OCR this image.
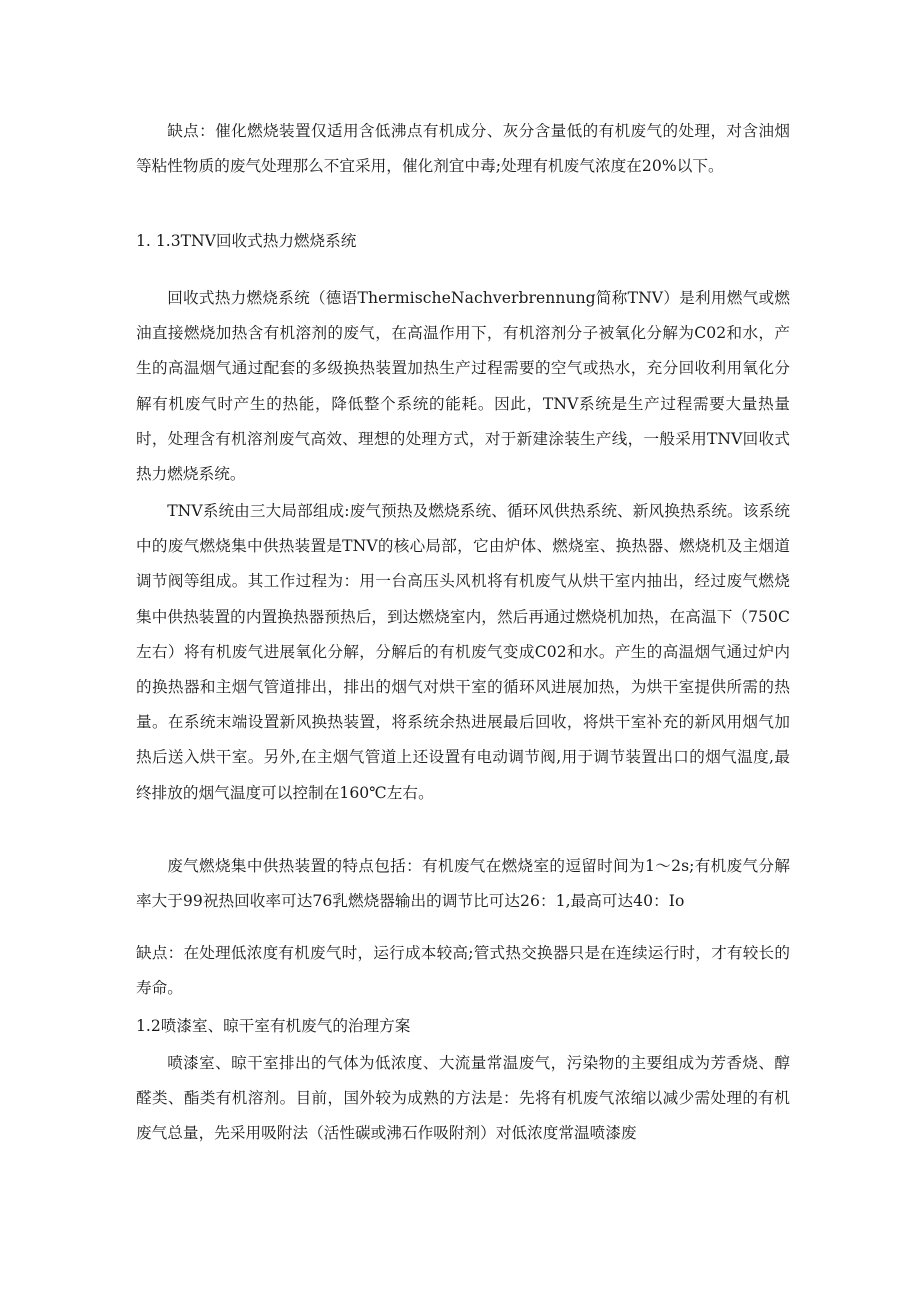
缺点：催化燃烧装置仅适用含低沸点有机成分、灰分含量低的有机废气的处理，对含油烟等粘性物质的废气处理那么不宜采用，催化剂宜中毒;处理有机废气浓度在20%以下。

1. 1.3TNV回收式热力燃烧系统

回收式热力燃烧系统（德语ThermischeNachverbrennung简称TNV）是利用燃气或燃油直接燃烧加热含有机溶剂的废气，在高温作用下，有机溶剂分子被氧化分解为C02和水，产生的高温烟气通过配套的多级换热装置加热生产过程需要的空气或热水，充分回收利用氧化分解有机废气时产生的热能，降低整个系统的能耗。因此，TNV系统是生产过程需要大量热量时，处理含有机溶剂废气高效、理想的处理方式，对于新建涂装生产线，一般采用TNV回收式热力燃烧系统。

TNV系统由三大局部组成:废气预热及燃烧系统、循环风供热系统、新风换热系统。该系统中的废气燃烧集中供热装置是TNV的核心局部，它由炉体、燃烧室、换热器、燃烧机及主烟道调节阀等组成。其工作过程为：用一台高压头风机将有机废气从烘干室内抽出，经过废气燃烧集中供热装置的内置换热器预热后，到达燃烧室内，然后再通过燃烧机加热，在高温下（750C左右）将有机废气进展氧化分解，分解后的有机废气变成C02和水。产生的高温烟气通过炉内的换热器和主烟气管道排出，排出的烟气对烘干室的循环风进展加热，为烘干室提供所需的热量。在系统末端设置新风换热装置，将系统余热进展最后回收，将烘干室补充的新风用烟气加热后送入烘干室。另外,在主烟气管道上还设置有电动调节阀,用于调节装置出口的烟气温度,最终排放的烟气温度可以控制在160℃左右。

废气燃烧集中供热装置的特点包括：有机废气在燃烧室的逗留时间为1〜2s;有机废气分解率大于99祝热回收率可达76乳燃烧器输出的调节比可达26：1,最高可达40：Io

缺点：在处理低浓度有机废气时，运行成本较高;管式热交换器只是在连续运行时，才有较长的寿命。

1.2喷漆室、晾干室有机废气的治理方案

喷漆室、晾干室排出的气体为低浓度、大流量常温废气，污染物的主要组成为芳香烧、醇醛类、酯类有机溶剂。目前，国外较为成熟的方法是：先将有机废气浓缩以减少需处理的有机废气总量，先采用吸附法（活性碳或沸石作吸附剂）对低浓度常温喷漆废
